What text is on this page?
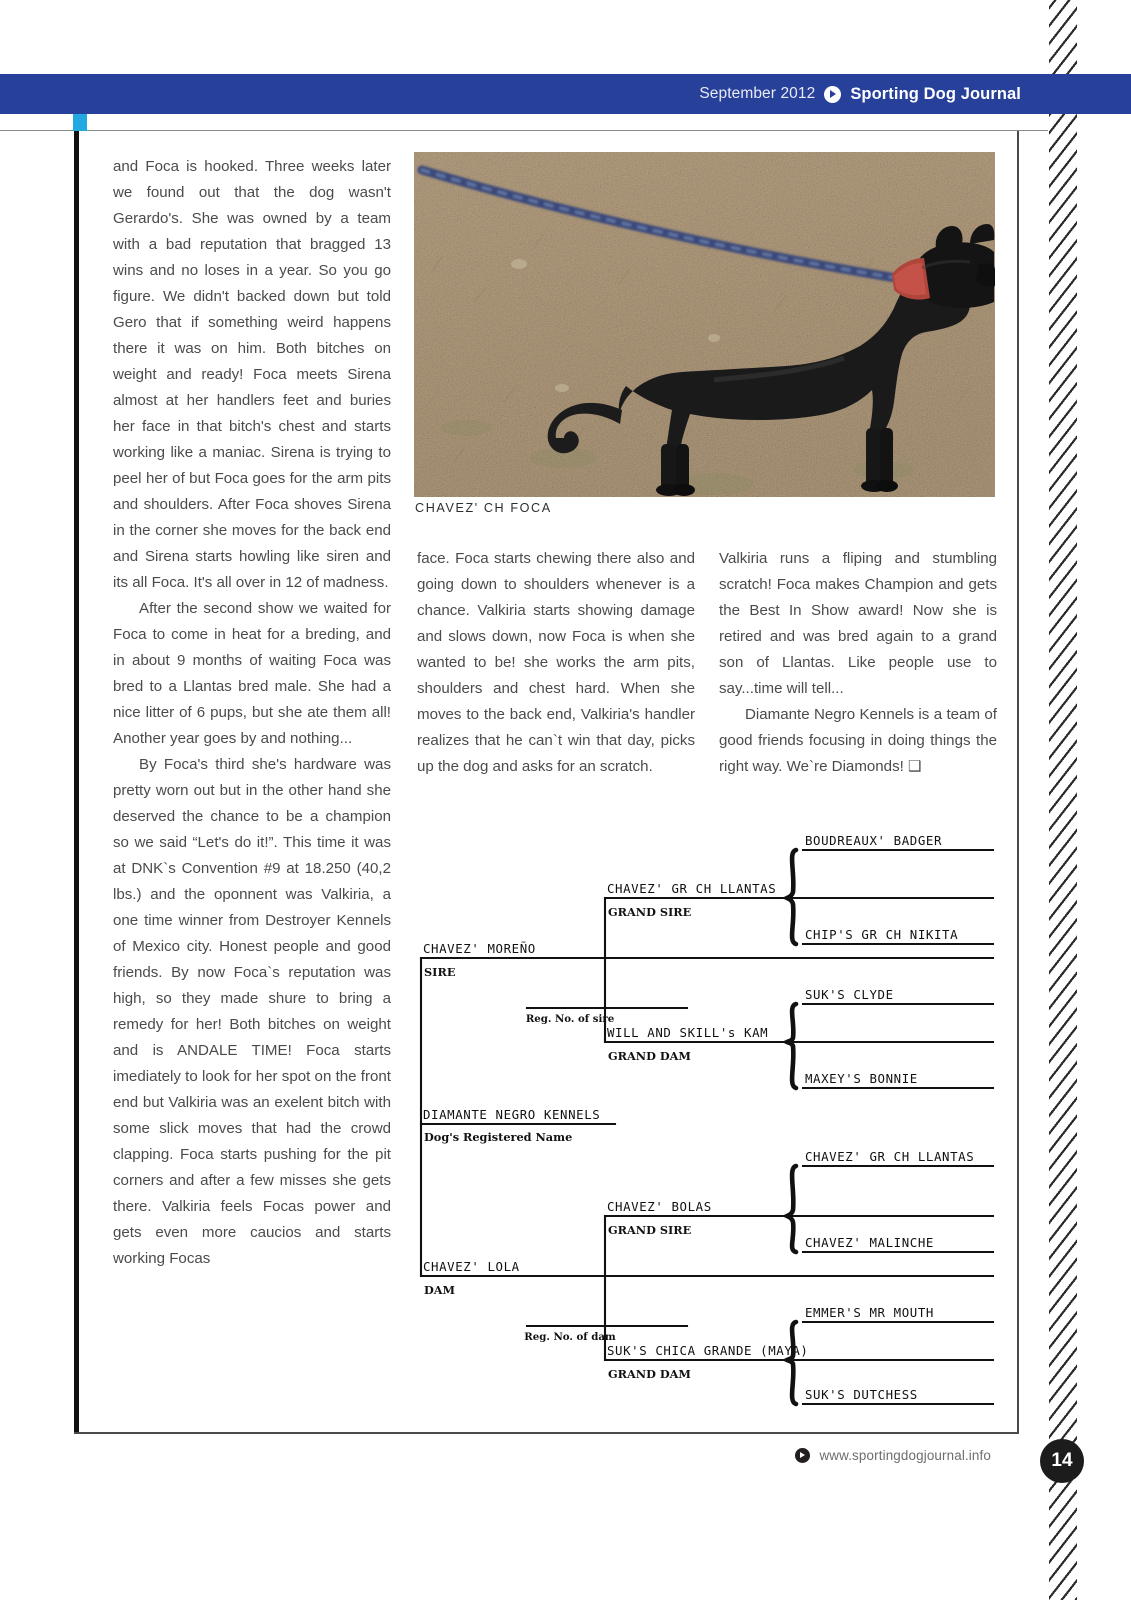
September 2012 Sporting Dog Journal
CHAVEZ' CH FOCA

and Foca is hooked. Three weeks later we found out that the dog wasn't Gerardo's. She was owned by a team with a bad reputation that bragged 13 wins and no loses in a year. So you go figure. We didn't backed down but told Gero that if something weird happens there it was on him. Both bitches on weight and ready! Foca meets Sirena almost at her handlers feet and buries her face in that bitch's chest and starts working like a maniac. Sirena is trying to peel her of but Foca goes for the arm pits and shoulders. After Foca shoves Sirena in the corner she moves for the back end and Sirena starts howling like siren and its all Foca. It's all over in 12 of madness.

After the second show we waited for Foca to come in heat for a breding, and in about 9 months of waiting Foca was bred to a Llantas bred male. She had a nice litter of 6 pups, but she ate them all! Another year goes by and nothing...

By Foca's third she's hardware was pretty worn out but in the other hand she deserved the chance to be a champion so we said “Let's do it!”. This time it was at DNK`s Convention #9 at 18.250 (40,2 lbs.) and the oponnent was Valkiria, a one time winner from Destroyer Kennels of Mexico city. Honest people and good friends. By now Foca`s reputation was high, so they made shure to bring a remedy for her! Both bitches on weight and is ANDALE TIME! Foca starts imediately to look for her spot on the front end but Valkiria was an exelent bitch with some slick moves that had the crowd clapping. Foca starts pushing for the pit corners and after a few misses she gets there. Valkiria feels Focas power and gets even more caucios and starts working Focas

face. Foca starts chewing there also and going down to shoulders whenever is a chance. Valkiria starts showing damage and slows down, now Foca is when she wanted to be! she works the arm pits, shoulders and chest hard. When she moves to the back end, Valkiria's handler realizes that he can`t win that day, picks up the dog and asks for an scratch.

Valkiria runs a fliping and stumbling scratch! Foca makes Champion and gets the Best In Show award! Now she is retired and was bred again to a grand son of Llantas. Like people use to say...time will tell...

Diamante Negro Kennels is a team of good friends focusing in doing things the right way. We`re Diamonds! ❑

DIAMANTE NEGRO KENNELS
Dog's Registered Name
CHAVEZ' MOREÑO
SIRE
Reg. No. of sire
CHAVEZ' GR CH LLANTAS
GRAND SIRE
BOUDREAUX' BADGER
CHIP'S GR CH NIKITA
WILL AND SKILL's KAM
GRAND DAM
SUK'S CLYDE
MAXEY'S BONNIE
CHAVEZ' LOLA
DAM
Reg. No. of dam
CHAVEZ' BOLAS
GRAND SIRE
CHAVEZ' GR CH LLANTAS
CHAVEZ' MALINCHE
SUK'S CHICA GRANDE (MAYA)
GRAND DAM
EMMER'S MR MOUTH
SUK'S DUTCHESS
www.sportingdogjournal.info	14
